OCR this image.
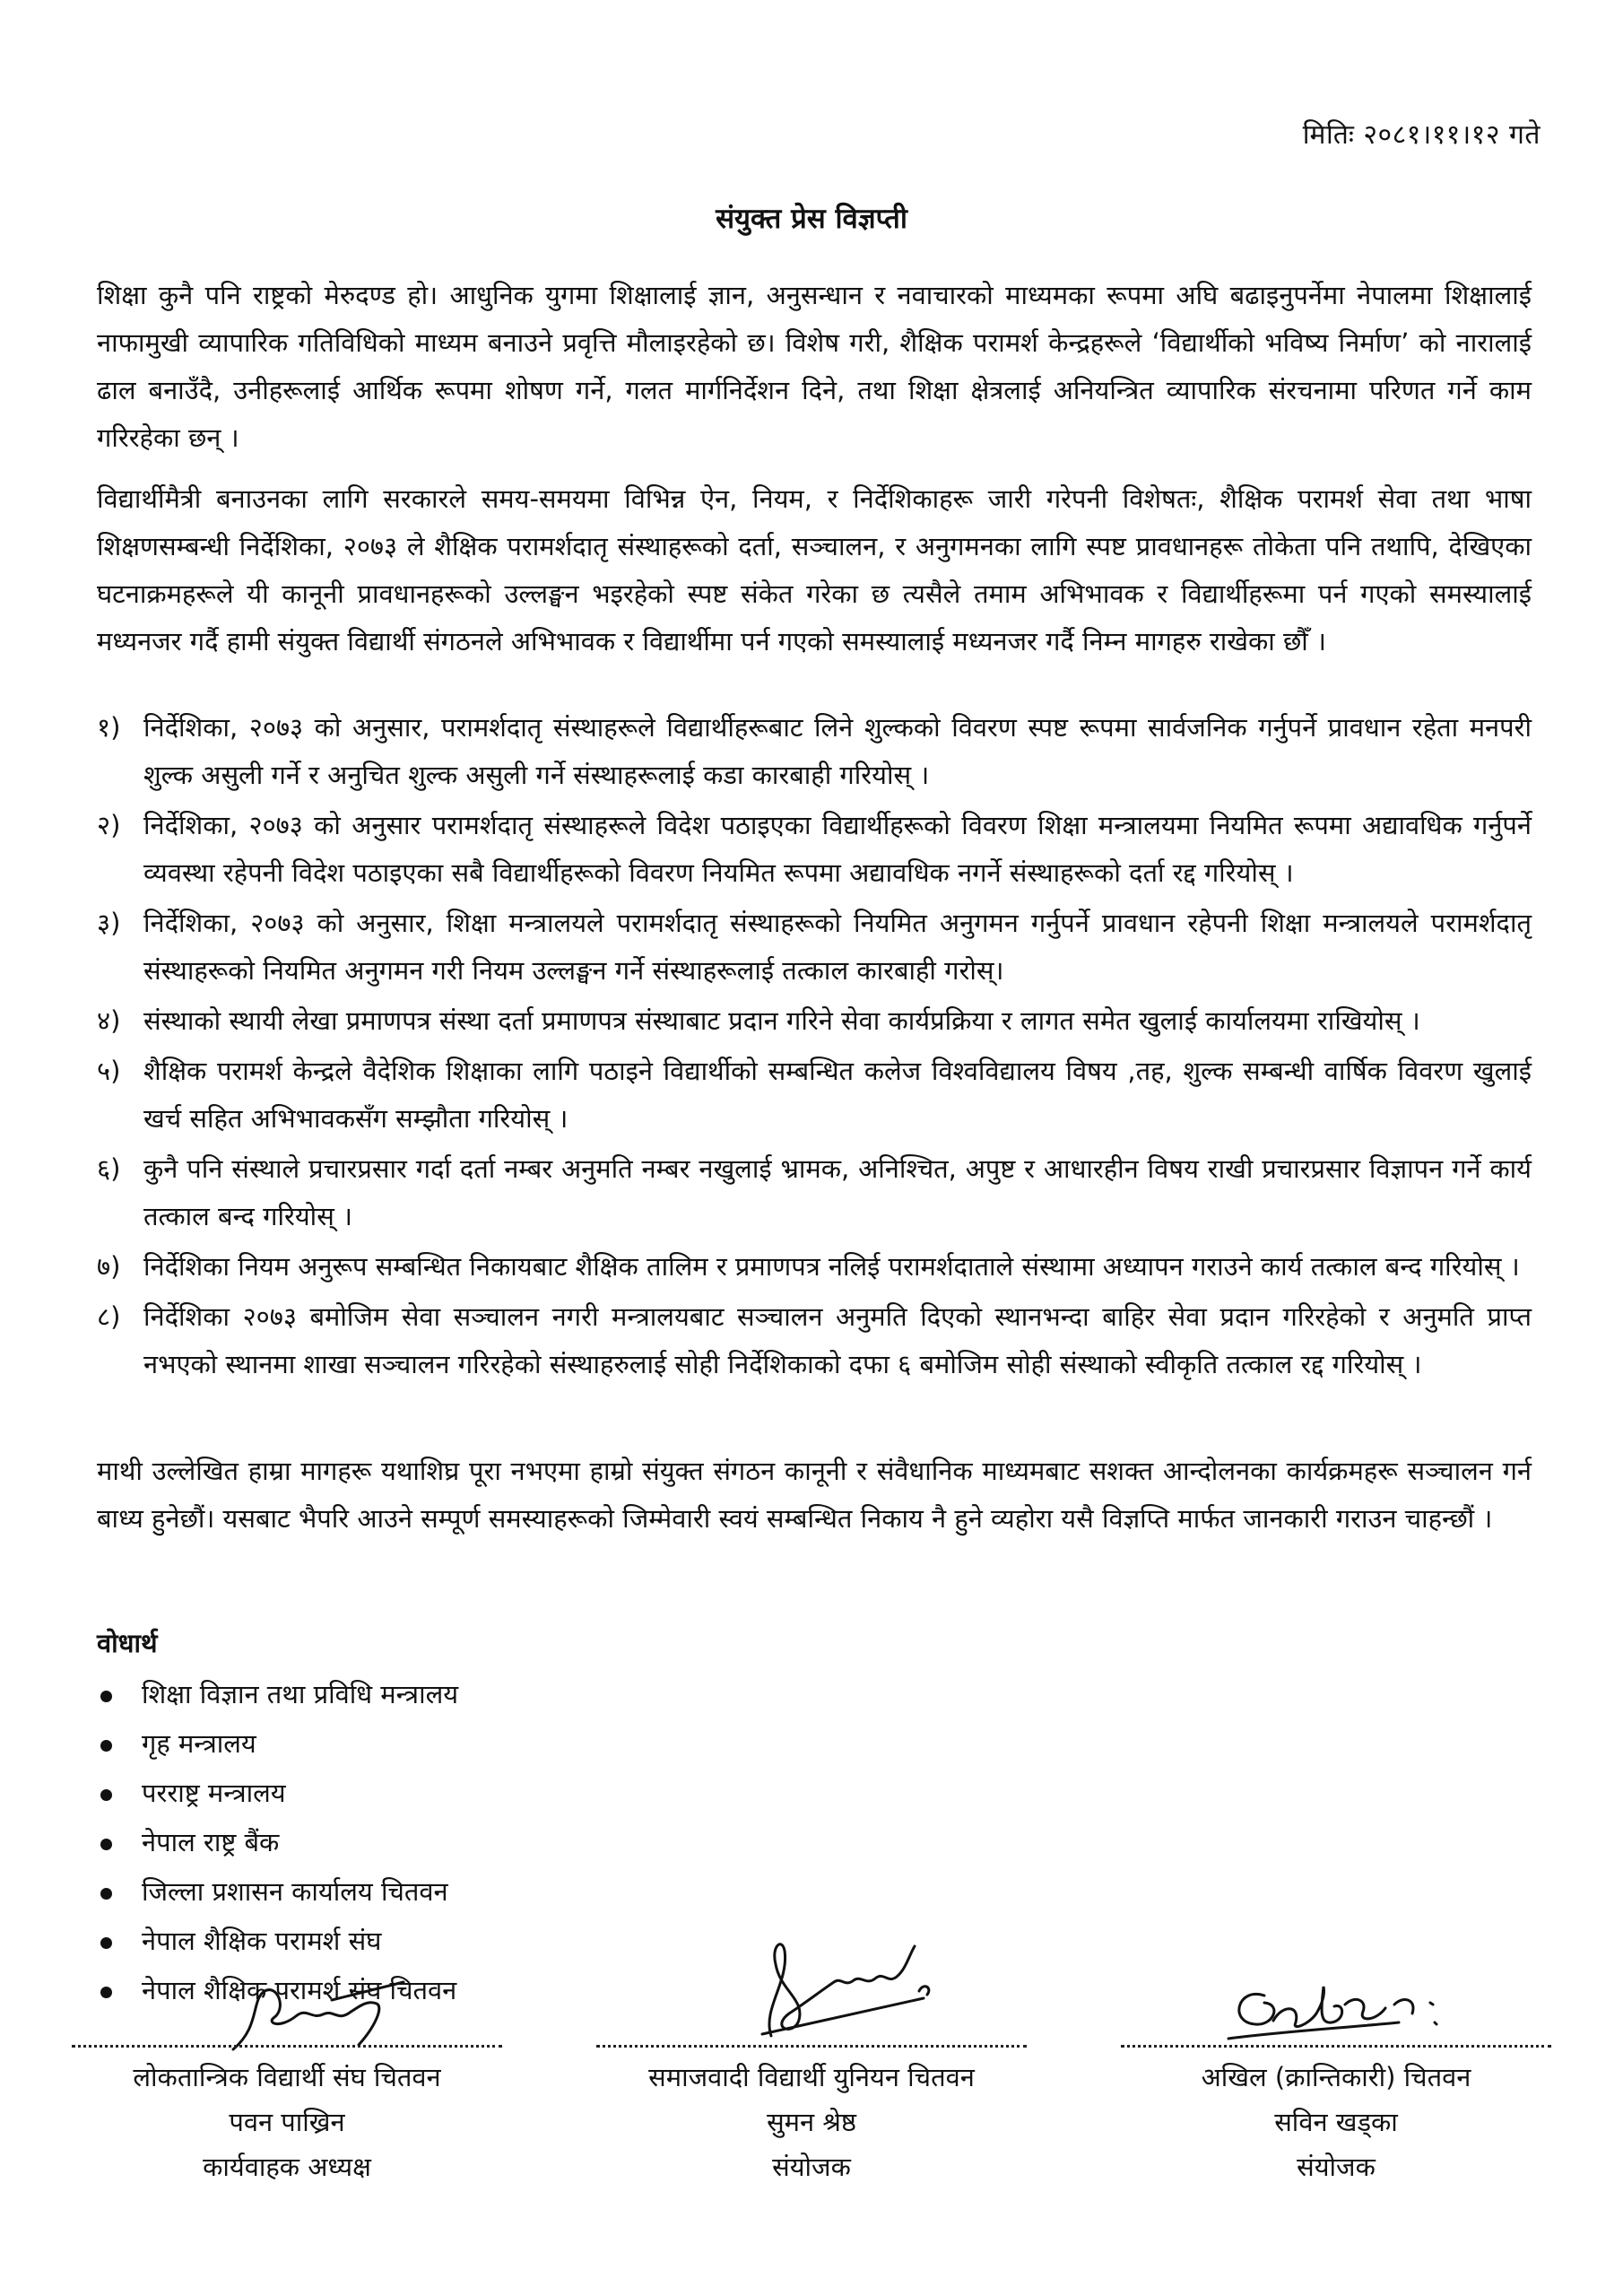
मितिः २०८१।११।१२ गते
संयुक्त प्रेस विज्ञप्ती

शिक्षा कुनै पनि राष्ट्रको मेरुदण्ड हो। आधुनिक युगमा शिक्षालाई ज्ञान, अनुसन्धान र नवाचारको माध्यमका रूपमा अघि बढाइनुपर्नेमा नेपालमा शिक्षालाई नाफामुखी व्यापारिक गतिविधिको माध्यम बनाउने प्रवृत्ति मौलाइरहेको छ। विशेष गरी, शैक्षिक परामर्श केन्द्रहरूले ‘विद्यार्थीको भविष्य निर्माण’ को नारालाई ढाल बनाउँदै, उनीहरूलाई आर्थिक रूपमा शोषण गर्ने, गलत मार्गनिर्देशन दिने, तथा शिक्षा क्षेत्रलाई अनियन्त्रित व्यापारिक संरचनामा परिणत गर्ने काम गरिरहेका छन् ।

विद्यार्थीमैत्री बनाउनका लागि सरकारले समय-समयमा विभिन्न ऐन, नियम, र निर्देशिकाहरू जारी गरेपनी विशेषतः, शैक्षिक परामर्श सेवा तथा भाषा शिक्षणसम्बन्धी निर्देशिका, २०७३ ले शैक्षिक परामर्शदातृ संस्थाहरूको दर्ता, सञ्चालन, र अनुगमनका लागि स्पष्ट प्रावधानहरू तोकेता पनि तथापि, देखिएका घटनाक्रमहरूले यी कानूनी प्रावधानहरूको उल्लङ्घन भइरहेको स्पष्ट संकेत गरेका छ त्यसैले तमाम अभिभावक र विद्यार्थीहरूमा पर्न गएको समस्यालाई मध्यनजर गर्दै हामी संयुक्त विद्यार्थी संगठनले अभिभावक र विद्यार्थीमा पर्न गएको समस्यालाई मध्यनजर गर्दै निम्न मागहरु राखेका छौँ ।

१) निर्देशिका, २०७३ को अनुसार, परामर्शदातृ संस्थाहरूले विद्यार्थीहरूबाट लिने शुल्कको विवरण स्पष्ट रूपमा सार्वजनिक गर्नुपर्ने प्रावधान रहेता मनपरी शुल्क असुली गर्ने र अनुचित शुल्क असुली गर्ने संस्थाहरूलाई कडा कारबाही गरियोस् ।
२) निर्देशिका, २०७३ को अनुसार परामर्शदातृ संस्थाहरूले विदेश पठाइएका विद्यार्थीहरूको विवरण शिक्षा मन्त्रालयमा नियमित रूपमा अद्यावधिक गर्नुपर्ने व्यवस्था रहेपनी विदेश पठाइएका सबै विद्यार्थीहरूको विवरण नियमित रूपमा अद्यावधिक नगर्ने संस्थाहरूको दर्ता रद्द गरियोस् ।
३) निर्देशिका, २०७३ को अनुसार, शिक्षा मन्त्रालयले परामर्शदातृ संस्थाहरूको नियमित अनुगमन गर्नुपर्ने प्रावधान रहेपनी शिक्षा मन्त्रालयले परामर्शदातृ संस्थाहरूको नियमित अनुगमन गरी नियम उल्लङ्घन गर्ने संस्थाहरूलाई तत्काल कारबाही गरोस्।
४) संस्थाको स्थायी लेखा प्रमाणपत्र संस्था दर्ता प्रमाणपत्र संस्थाबाट प्रदान गरिने सेवा कार्यप्रक्रिया र लागत समेत खुलाई कार्यालयमा राखियोस् ।
५) शैक्षिक परामर्श केन्द्रले वैदेशिक शिक्षाका लागि पठाइने विद्यार्थीको सम्बन्धित कलेज विश्वविद्यालय विषय ,तह, शुल्क सम्बन्धी वार्षिक विवरण खुलाई खर्च सहित अभिभावकसँग सम्झौता गरियोस् ।
६) कुनै पनि संस्थाले प्रचारप्रसार गर्दा दर्ता नम्बर अनुमति नम्बर नखुलाई भ्रामक, अनिश्चित, अपुष्ट र आधारहीन विषय राखी प्रचारप्रसार विज्ञापन गर्ने कार्य तत्काल बन्द गरियोस् ।
७) निर्देशिका नियम अनुरूप सम्बन्धित निकायबाट शैक्षिक तालिम र प्रमाणपत्र नलिई परामर्शदाताले संस्थामा अध्यापन गराउने कार्य तत्काल बन्द गरियोस् ।
८) निर्देशिका २०७३ बमोजिम सेवा सञ्चालन नगरी मन्त्रालयबाट सञ्चालन अनुमति दिएको स्थानभन्दा बाहिर सेवा प्रदान गरिरहेको र अनुमति प्राप्त नभएको स्थानमा शाखा सञ्चालन गरिरहेको संस्थाहरुलाई सोही निर्देशिकाको दफा ६ बमोजिम सोही संस्थाको स्वीकृति तत्काल रद्द गरियोस् ।

माथी उल्लेखित हाम्रा मागहरू यथाशिघ्र पूरा नभएमा हाम्रो संयुक्त संगठन कानूनी र संवैधानिक माध्यमबाट सशक्त आन्दोलनका कार्यक्रमहरू सञ्चालन गर्न बाध्य हुनेछौं। यसबाट भैपरि आउने सम्पूर्ण समस्याहरूको जिम्मेवारी स्वयं सम्बन्धित निकाय नै हुने व्यहोरा यसै विज्ञप्ति मार्फत जानकारी गराउन चाहन्छौं ।

वोधार्थ
शिक्षा विज्ञान तथा प्रविधि मन्त्रालय
गृह मन्त्रालय
परराष्ट्र मन्त्रालय
नेपाल राष्ट्र बैंक
जिल्ला प्रशासन कार्यालय चितवन
नेपाल शैक्षिक परामर्श संघ
नेपाल शैक्षिक परामर्श संघ चितवन
लोकतान्त्रिक विद्यार्थी संघ चितवन
पवन पाख्रिन
कार्यवाहक अध्यक्ष
समाजवादी विद्यार्थी युनियन चितवन
सुमन श्रेष्ठ
संयोजक
अखिल (क्रान्तिकारी) चितवन
सविन खड्का
संयोजक
